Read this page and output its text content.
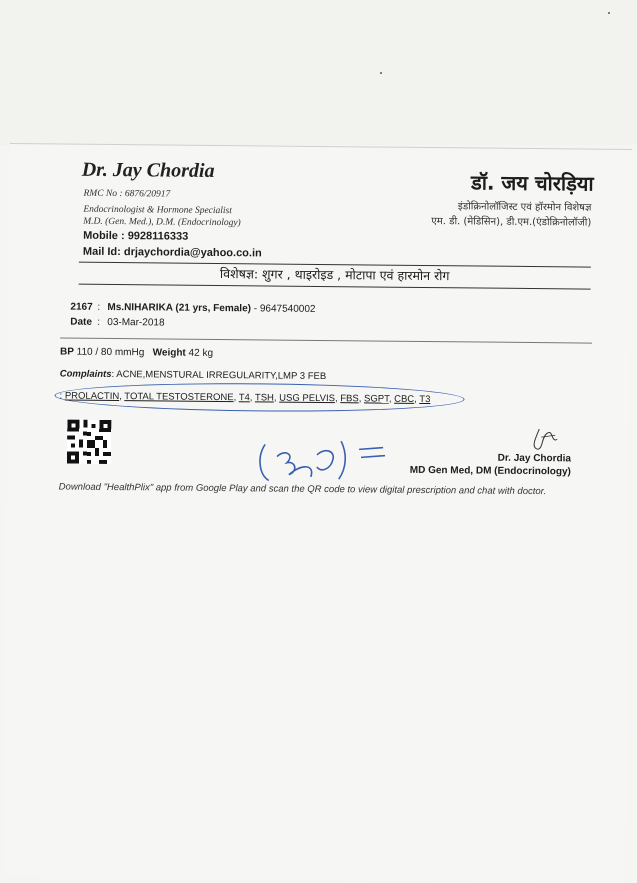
Dr. Jay Chordia
RMC No : 6876/20917
Endocrinologist & Hormone Specialist
M.D. (Gen. Med.), D.M. (Endocrinology)
Mobile : 9928116333
Mail Id: drjaychordia@yahoo.co.in
डॉ. जय चोरड़िया
इंडोक्रिनोलॉजिस्ट एवं हॉरमोन विशेषज्ञ
एम. डी. (मेडिसिन), डी.एम.(एंडोक्रिनोलॉजी)
विशेषज्ञ: शुगर , थाइरोइड , मोटापा एवं हारमोन रोग
2167 : Ms.NIHARIKA (21 yrs, Female) - 9647540002
Date : 03-Mar-2018
BP 110 / 80 mmHg Weight 42 kg
Complaints: ACNE,MENSTURAL IRREGULARITY,LMP 3 FEB
: PROLACTIN, TOTAL TESTOSTERONE, T4, TSH, USG PELVIS, FBS, SGPT, CBC, T3
Dr. Jay Chordia
MD Gen Med, DM (Endocrinology)
Download "HealthPlix" app from Google Play and scan the QR code to view digital prescription and chat with doctor.
